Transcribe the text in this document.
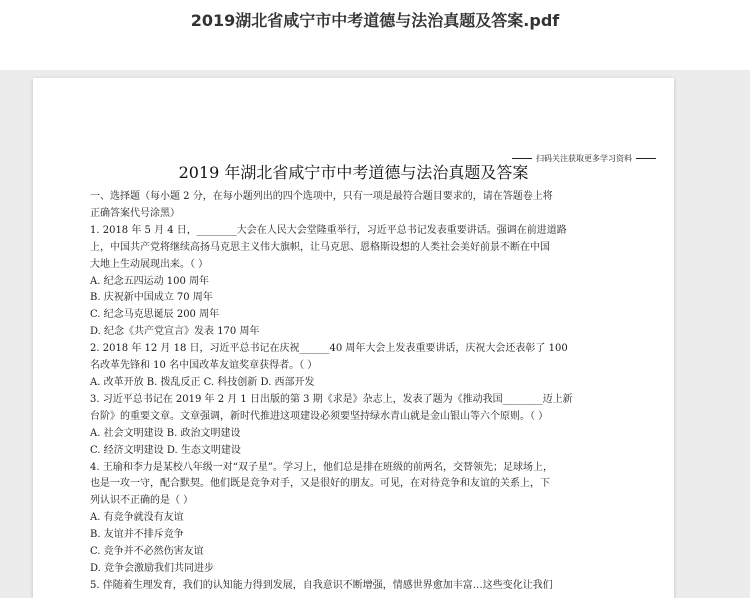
2019湖北省咸宁市中考道德与法治真题及答案.pdf
扫码关注获取更多学习资料
2019 年湖北省咸宁市中考道德与法治真题及答案

一、选择题（每小题 2 分，在每小题列出的四个选项中，只有一项是最符合题目要求的，请在答题卷上将

正确答案代号涂黑）

1. 2018 年 5 月 4 日，________大会在人民大会堂隆重举行，习近平总书记发表重要讲话。强调在前进道路

上，中国共产党将继续高扬马克思主义伟大旗帜，让马克思、恩格斯设想的人类社会美好前景不断在中国

大地上生动展现出来。（ ）

A. 纪念五四运动 100 周年

B. 庆祝新中国成立 70 周年

C. 纪念马克思诞辰 200 周年

D. 纪念《共产党宣言》发表 170 周年

2. 2018 年 12 月 18 日，习近平总书记在庆祝______40 周年大会上发表重要讲话，庆祝大会还表彰了 100

名改革先锋和 10 名中国改革友谊奖章获得者。（ ）

A. 改革开放 B. 拨乱反正 C. 科技创新 D. 西部开发

3. 习近平总书记在 2019 年 2 月 1 日出版的第 3 期《求是》杂志上，发表了题为《推动我国________迈上新

台阶》的重要文章。文章强调，新时代推进这项建设必须要坚持绿水青山就是金山银山等六个原则。（ ）

A. 社会文明建设 B. 政治文明建设

C. 经济文明建设 D. 生态文明建设

4. 王瑜和李力是某校八年级一对“双子星”。学习上，他们总是排在班级的前两名，交替领先；足球场上，

也是一攻一守，配合默契。他们既是竞争对手，又是很好的朋友。可见，在对待竞争和友谊的关系上，下

列认识不正确的是（ ）

A. 有竞争就没有友谊

B. 友谊并不排斥竞争

C. 竞争并不必然伤害友谊

D. 竞争会激励我们共同进步

5. 伴随着生理发育，我们的认知能力得到发展，自我意识不断增强，情感世界愈加丰富…这些变化让我们
